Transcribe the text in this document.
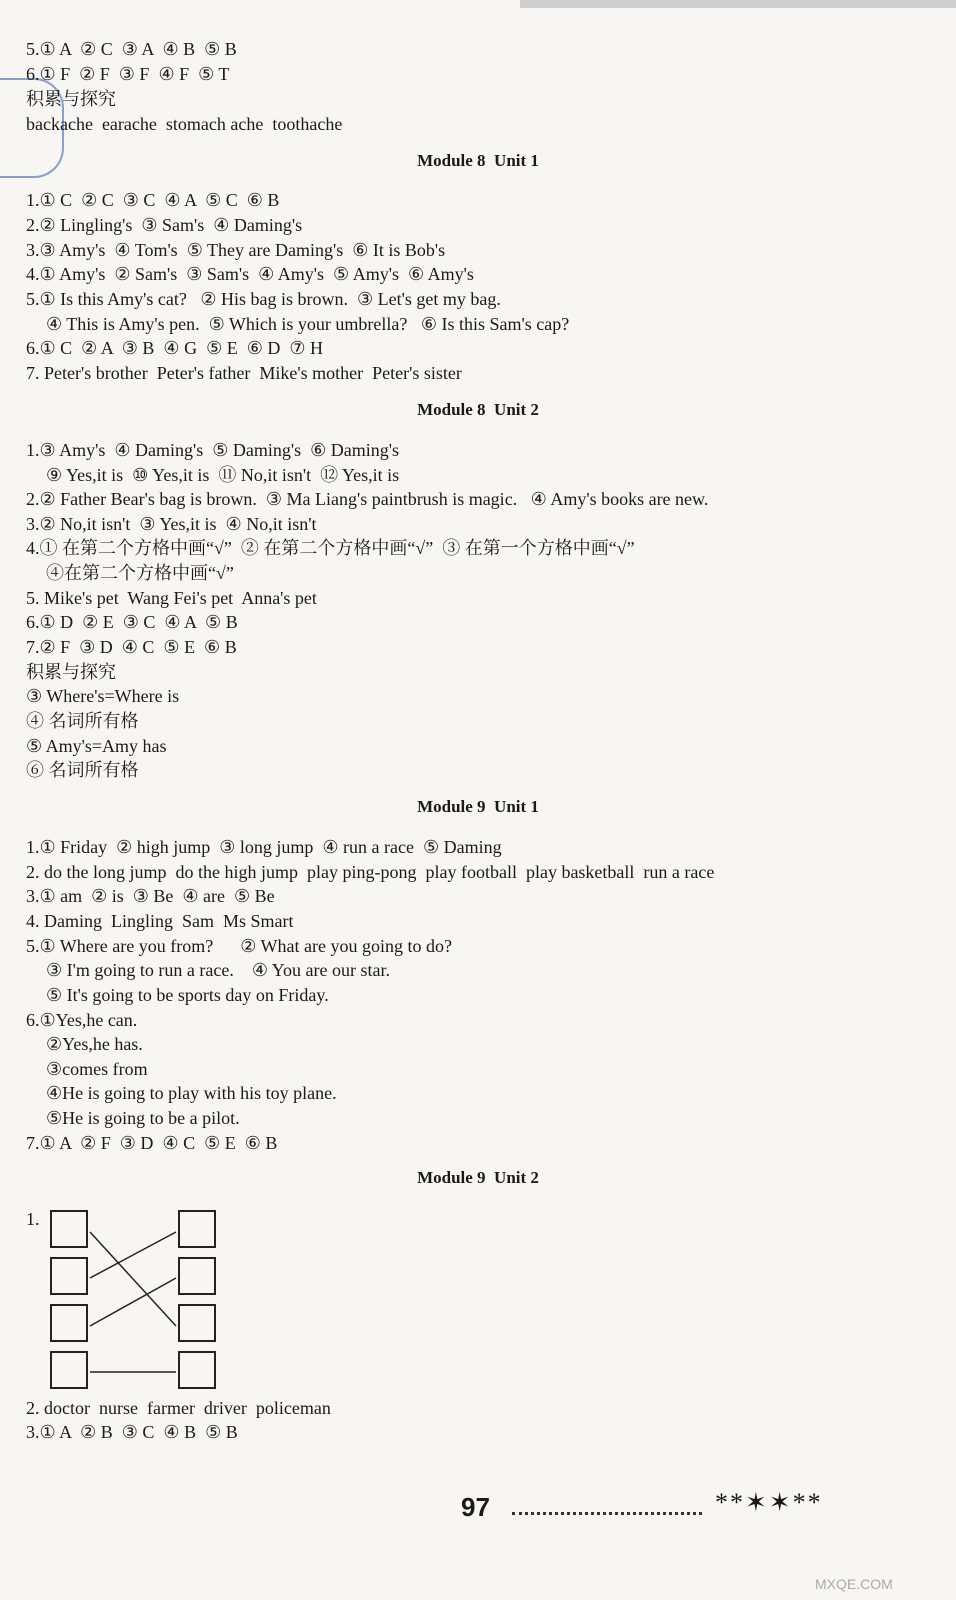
5.① A  ② C  ③ A  ④ B  ⑤ B
6.① F  ② F  ③ F  ④ F  ⑤ T
积累与探究
backache  earache  stomach ache  toothache
Module 8  Unit 1
1.① C  ② C  ③ C  ④ A  ⑤ C  ⑥ B
2.② Lingling's  ③ Sam's  ④ Daming's
3.③ Amy's  ④ Tom's  ⑤ They are Daming's  ⑥ It is Bob's
4.① Amy's  ② Sam's  ③ Sam's  ④ Amy's  ⑤ Amy's  ⑥ Amy's
5.① Is this Amy's cat?   ② His bag is brown.  ③ Let's get my bag.
④ This is Amy's pen.  ⑤ Which is your umbrella?   ⑥ Is this Sam's cap?
6.① C  ② A  ③ B  ④ G  ⑤ E  ⑥ D  ⑦ H
7. Peter's brother  Peter's father  Mike's mother  Peter's sister
Module 8  Unit 2
1.③ Amy's  ④ Daming's  ⑤ Daming's  ⑥ Daming's
⑨ Yes,it is  ⑩ Yes,it is  ⑪ No,it isn't  ⑫ Yes,it is
2.② Father Bear's bag is brown.  ③ Ma Liang's paintbrush is magic.   ④ Amy's books are new.
3.② No,it isn't  ③ Yes,it is  ④ No,it isn't
4.① 在第二个方格中画“√”  ② 在第二个方格中画“√”  ③ 在第一个方格中画“√”
④在第二个方格中画“√”
5. Mike's pet  Wang Fei's pet  Anna's pet
6.① D  ② E  ③ C  ④ A  ⑤ B
7.② F  ③ D  ④ C  ⑤ E  ⑥ B
积累与探究
③ Where's=Where is
④ 名词所有格
⑤ Amy's=Amy has
⑥ 名词所有格
Module 9  Unit 1
1.① Friday  ② high jump  ③ long jump  ④ run a race  ⑤ Daming
2. do the long jump  do the high jump  play ping-pong  play football  play basketball  run a race
3.① am  ② is  ③ Be  ④ are  ⑤ Be
4. Daming  Lingling  Sam  Ms Smart
5.① Where are you from?      ② What are you going to do?
③ I'm going to run a race.    ④ You are our star.
⑤ It's going to be sports day on Friday.
6.①Yes,he can.
②Yes,he has.
③comes from
④He is going to play with his toy plane.
⑤He is going to be a pilot.
7.① A  ② F  ③ D  ④ C  ⑤ E  ⑥ B
Module 9  Unit 2
1.
2. doctor  nurse  farmer  driver  policeman
3.① A  ② B  ③ C  ④ B  ⑤ B
97	**✶✶**
MXQE.COM
